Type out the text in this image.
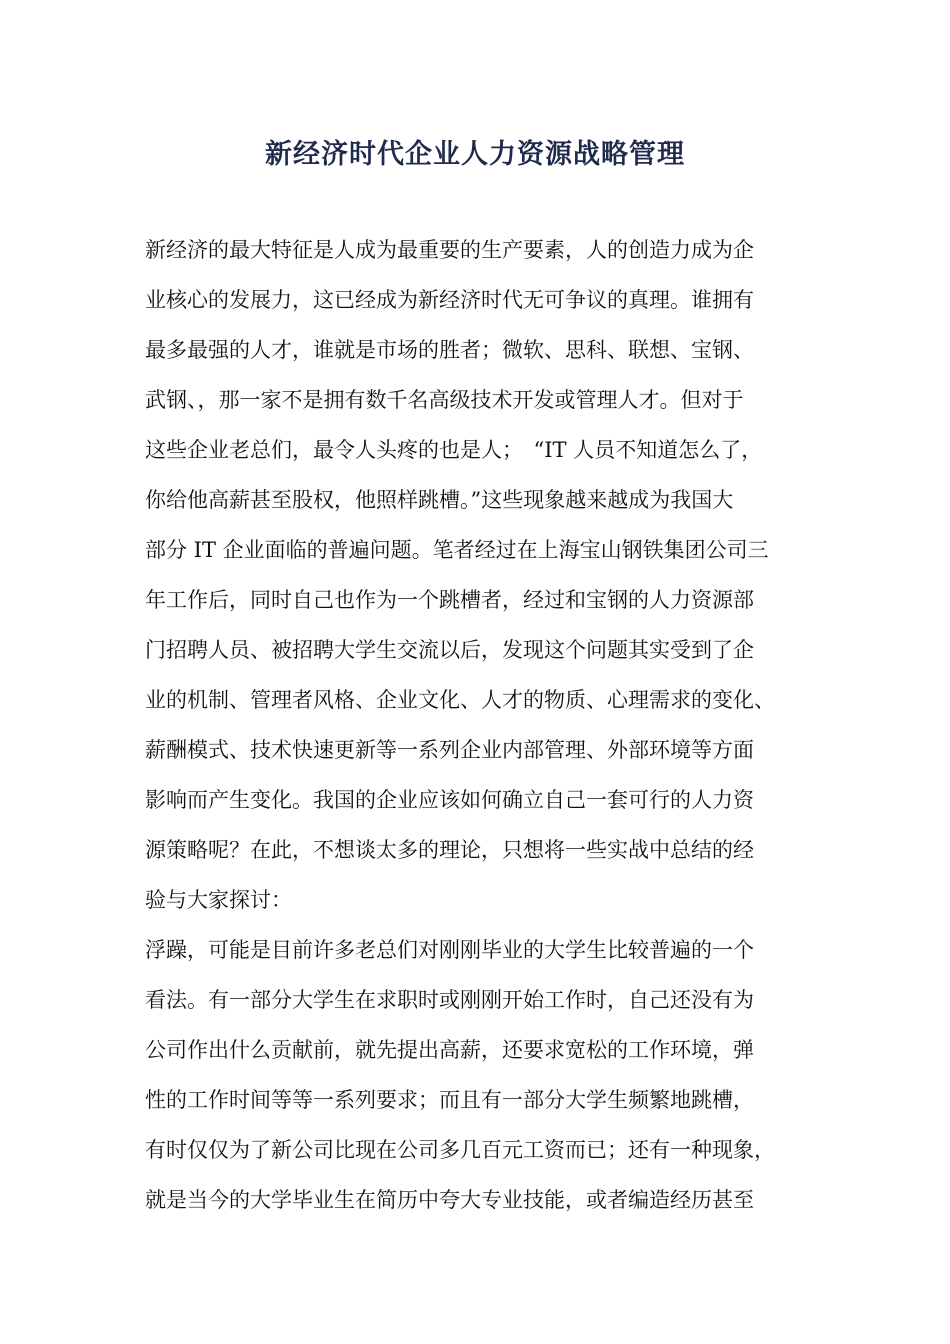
新经济时代企业人力资源战略管理
新经济的最大特征是人成为最重要的生产要素，人的创造力成为企
业核心的发展力，这已经成为新经济时代无可争议的真理。谁拥有
最多最强的人才，谁就是市场的胜者；微软、思科、联想、宝钢、
武钢、，那一家不是拥有数千名高级技术开发或管理人才。但对于
这些企业老总们，最令人头疼的也是人；　“IT 人员不知道怎么了，
你给他高薪甚至股权，他照样跳槽。”这些现象越来越成为我国大
部分 IT 企业面临的普遍问题。笔者经过在上海宝山钢铁集团公司三
年工作后，同时自己也作为一个跳槽者，经过和宝钢的人力资源部
门招聘人员、被招聘大学生交流以后，发现这个问题其实受到了企
业的机制、管理者风格、企业文化、人才的物质、心理需求的变化、
薪酬模式、技术快速更新等一系列企业内部管理、外部环境等方面
影响而产生变化。我国的企业应该如何确立自己一套可行的人力资
源策略呢？在此，不想谈太多的理论，只想将一些实战中总结的经
验与大家探讨：
浮躁，可能是目前许多老总们对刚刚毕业的大学生比较普遍的一个
看法。有一部分大学生在求职时或刚刚开始工作时，自己还没有为
公司作出什么贡献前，就先提出高薪，还要求宽松的工作环境，弹
性的工作时间等等一系列要求；而且有一部分大学生频繁地跳槽，
有时仅仅为了新公司比现在公司多几百元工资而已；还有一种现象，
就是当今的大学毕业生在简历中夸大专业技能，或者编造经历甚至
